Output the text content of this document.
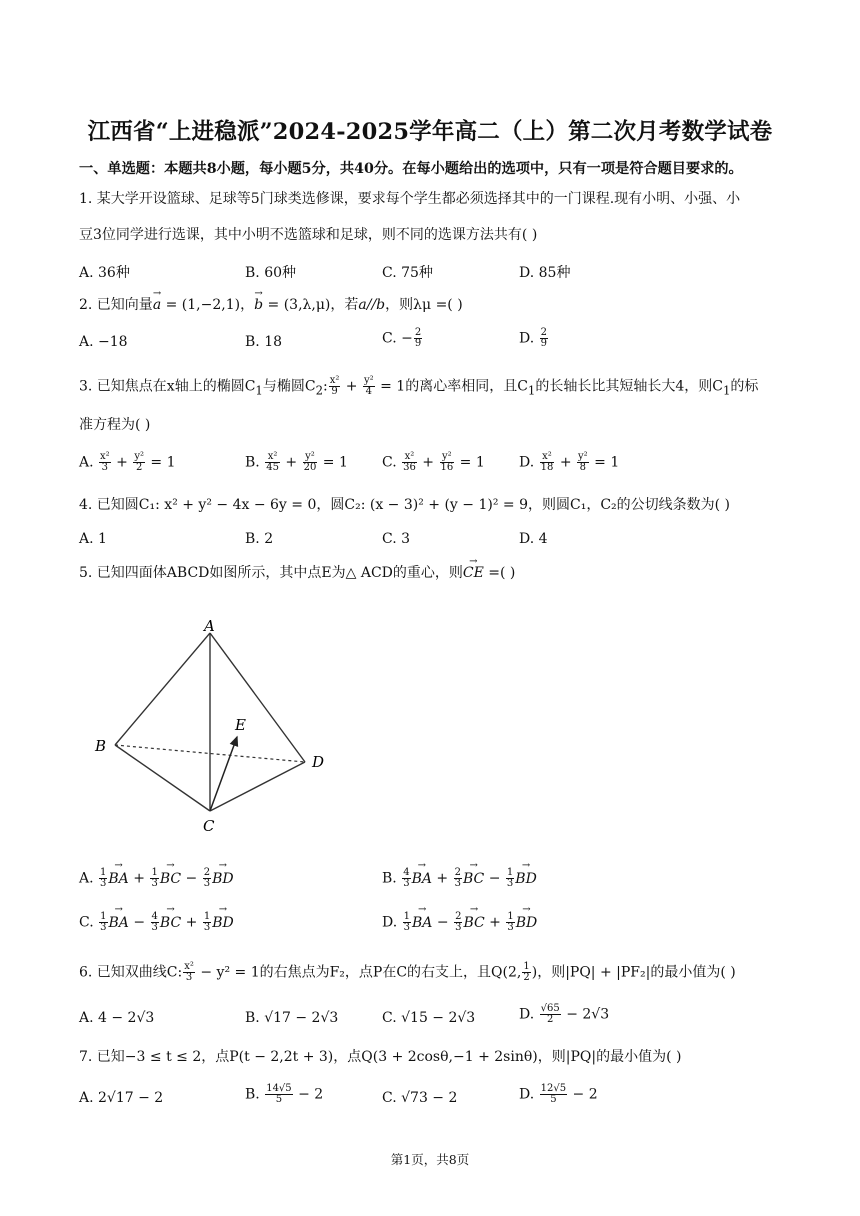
江西省“上进稳派”2024-2025学年高二（上）第二次月考数学试卷
一、单选题：本题共8小题，每小题5分，共40分。在每小题给出的选项中，只有一项是符合题目要求的。
1. 某大学开设篮球、足球等5门球类选修课，要求每个学生都必须选择其中的一门课程.现有小明、小强、小
豆3位同学进行选课，其中小明不选篮球和足球，则不同的选课方法共有( )
A. 36种	B. 60种	C. 75种	D. 85种
2. 已知向量→ a = (1,−2,1)，→ b = (3,λ,μ)，若a//b，则λμ =( )
A. −18	B. 18	C. − $\frac{2}{9}$	D. $\frac{2}{9}$
3. 已知焦点在x轴上的椭圆$C_1$与椭圆$C_2$: $\frac{\text{x²}}{9} + \frac{\text{y²}}{4} = 1$的离心率相同，且$C_1$的长轴长比其短轴长大4，则$C_1$的标
准方程为( )
A. $\frac{\text{x²}}{3} + \frac{\text{y²}}{2} = 1$	B. $\frac{\text{x²}}{45} + \frac{\text{y²}}{20} = 1$ C. $\frac{\text{x²}}{36} + \frac{\text{y²}}{16} = 1$ D. $\frac{\text{x²}}{18} + \frac{\text{y²}}{8} = 1$
4. 已知圆C₁: x² + y² − 4x − 6y = 0，圆C₂: (x − 3)² + (y − 1)² = 9，则圆C₁，C₂的公切线条数为( )
A. 1	B. 2	C. 3	D. 4
5. 已知四面体ABCD如图所示，其中点E为△ ACD的重心，则→ CE =( )
A
B
C
D
E
A. $\frac{1}{3}$ → BA + $\frac{1}{3}$ → BC − $\frac{2}{3}$ → BD	B. $\frac{4}{3}$ → BA + $\frac{2}{3}$ → BC − $\frac{1}{3}$ → BD
C. $\frac{1}{3}$ → BA − $\frac{4}{3}$ → BC + $\frac{1}{3}$ → BD	D. $\frac{1}{3}$ → BA − $\frac{2}{3}$ → BC + $\frac{1}{3}$ → BD
6. 已知双曲线C: $\frac{\text{x²}}{3} - y^2 = 1$的右焦点为F₂，点P在C的右支上，且Q(2, $\frac{1}{2}$ )，则|PQ| + |PF₂|的最小值为( )
A. 4 − 2√3	B. √17 − 2√3	C. √15 − 2√3	D. $\frac{√65}{2} - 2√3$
7. 已知−3 ≤ t ≤ 2，点P(t − 2,2t + 3)，点Q(3 + 2cosθ,−1 + 2sinθ)，则|PQ|的最小值为( )
A. 2√17 − 2	B. $\frac{14√5}{5} - 2$	C. √73 − 2	D. $\frac{12√5}{5} - 2$
第1页，共8页
